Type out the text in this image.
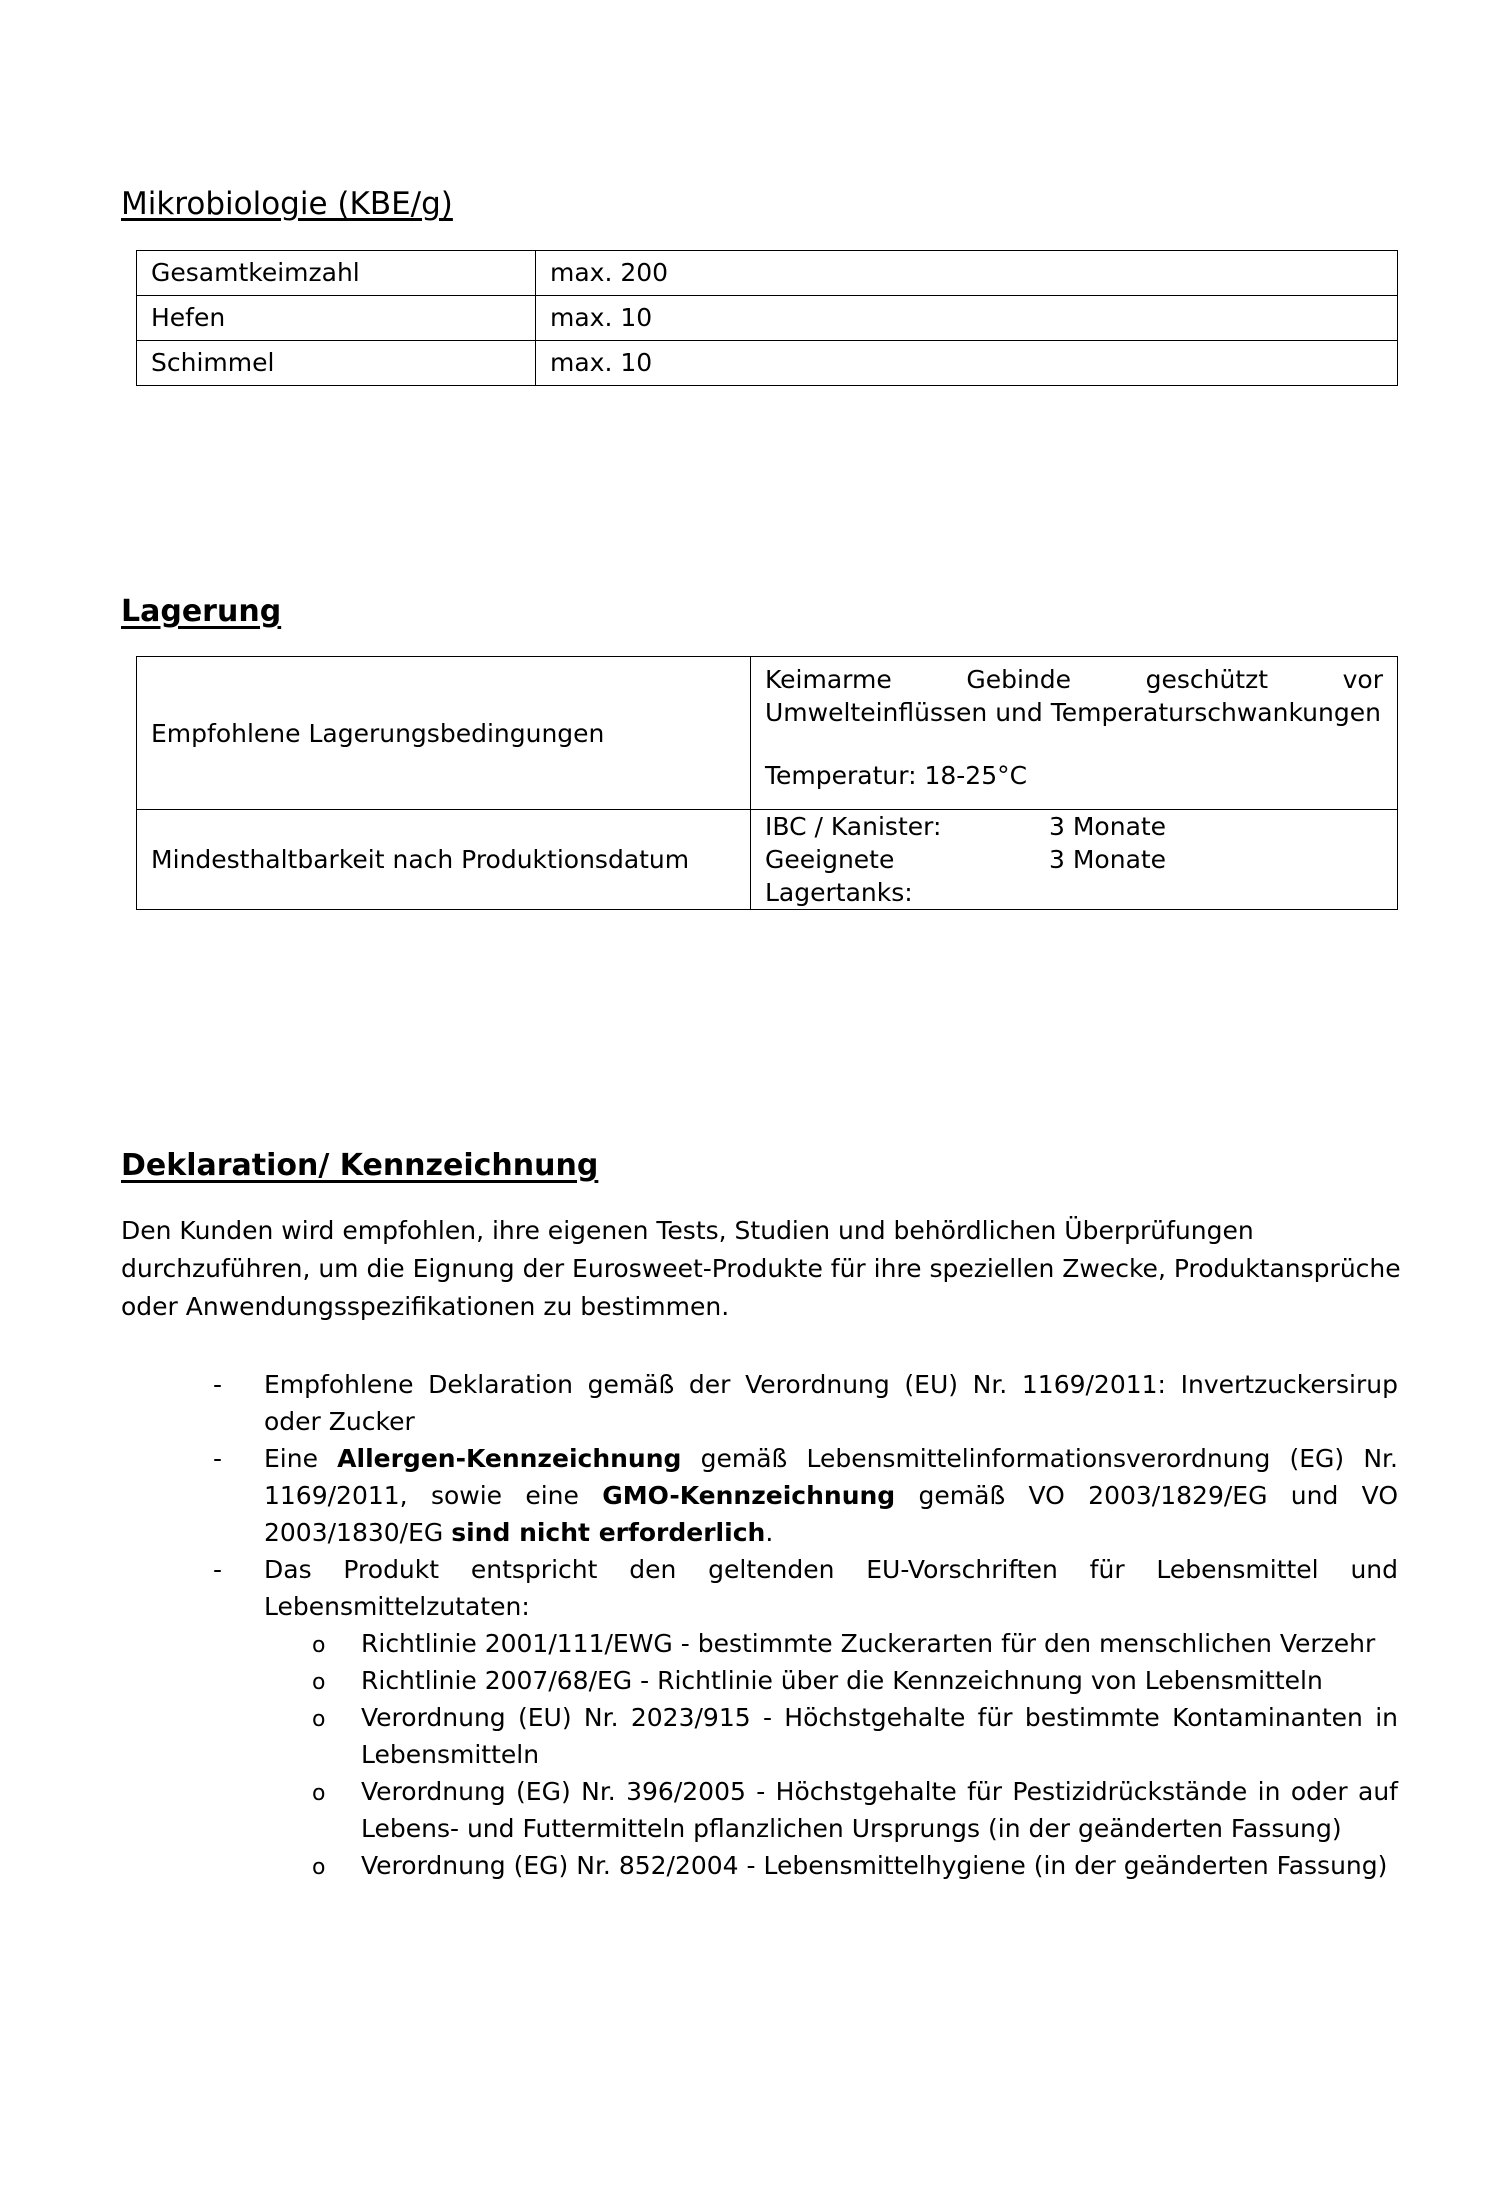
Mikrobiologie (KBE/g)
Gesamtkeimzahl	max. 200
Hefen	max. 10
Schimmel	max. 10
Lagerung
Empfohlene Lagerungsbedingungen	Keimarme Gebinde geschützt vor Umwelteinflüssen und Temperaturschwankungen
Temperatur: 18-25°C

Mindesthaltbarkeit nach Produktionsdatum	IBC / Kanister: 3 Monate
Geeignete Lagertanks:
3 Monate
Deklaration/ Kennzeichnung

Den Kunden wird empfohlen, ihre eigenen Tests, Studien und behördlichen Überprüfungen durchzuführen, um die Eignung der Eurosweet-Produkte für ihre speziellen Zwecke, Produktansprüche oder Anwendungsspezifikationen zu bestimmen.

-	Empfohlene Deklaration gemäß der Verordnung (EU) Nr. 1169/2011: Invertzuckersirup oder Zucker
-	Eine Allergen-Kennzeichnung gemäß Lebensmittelinformationsverordnung (EG) Nr. 1169/2011, sowie eine GMO-Kennzeichnung gemäß VO 2003/1829/EG und VO 2003/1830/EG sind nicht erforderlich.
-	Das Produkt entspricht den geltenden EU-Vorschriften für Lebensmittel und Lebensmittelzutaten:
o Richtlinie 2001/111/EWG - bestimmte Zuckerarten für den menschlichen Verzehr
o Richtlinie 2007/68/EG - Richtlinie über die Kennzeichnung von Lebensmitteln
o Verordnung (EU) Nr. 2023/915 - Höchstgehalte für bestimmte Kontaminanten in Lebensmitteln
o Verordnung (EG) Nr. 396/2005 - Höchstgehalte für Pestizidrückstände in oder auf Lebens- und Futtermitteln pflanzlichen Ursprungs (in der geänderten Fassung)
o Verordnung (EG) Nr. 852/2004 - Lebensmittelhygiene (in der geänderten Fassung)
